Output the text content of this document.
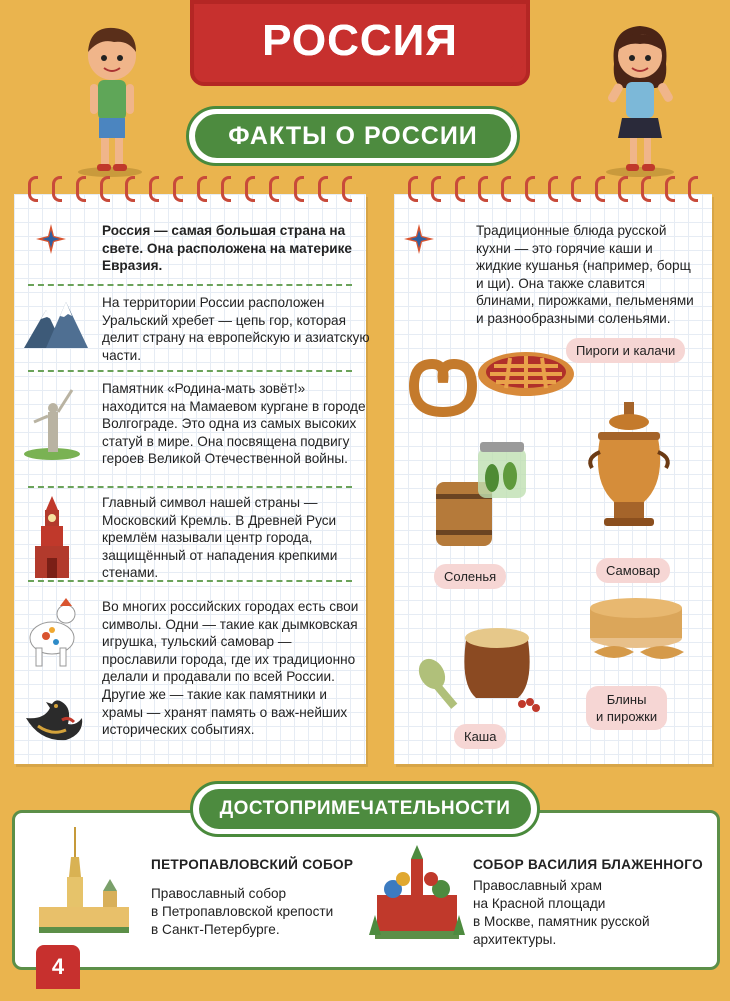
РОССИЯ
ФАКТЫ О РОССИИ
Россия — самая большая страна на свете. Она расположена на материке Евразия.
На территории России расположен Уральский хребет — цепь гор, которая делит страну на европейскую и азиатскую части.
Памятник «Родина-мать зовёт!» находится на Мамаевом кургане в городе Волгограде. Это одна из самых высоких статуй в мире. Она посвящена подвигу героев Великой Отечественной войны.
Главный символ нашей страны — Московский Кремль. В Древней Руси кремлём называли центр города, защищённый от нападения крепкими стенами.
Во многих российских городах есть свои символы. Одни — такие как дымковская игрушка, тульский самовар — прославили города, где их традиционно делали и продавали по всей России. Другие же — такие как памятники и храмы — хранят память о важ-нейших исторических событиях.
Традиционные блюда русской кухни — это горячие каши и жидкие кушанья (например, борщ и щи). Она также славится блинами, пирожками, пельменями и разнообразными соленьями.
Пироги и калачи
Соленья	Самовар
Блины
и пирожки
Каша
ПЕТРОПАВЛОВСКИЙ СОБОР
Православный собор
в Петропавловской крепости
в Санкт-Петербурге.
СОБОР ВАСИЛИЯ БЛАЖЕННОГО
Православный храм
на Красной площади
в Москве, памятник русской
архитектуры.
ДОСТОПРИМЕЧАТЕЛЬНОСТИ
4
